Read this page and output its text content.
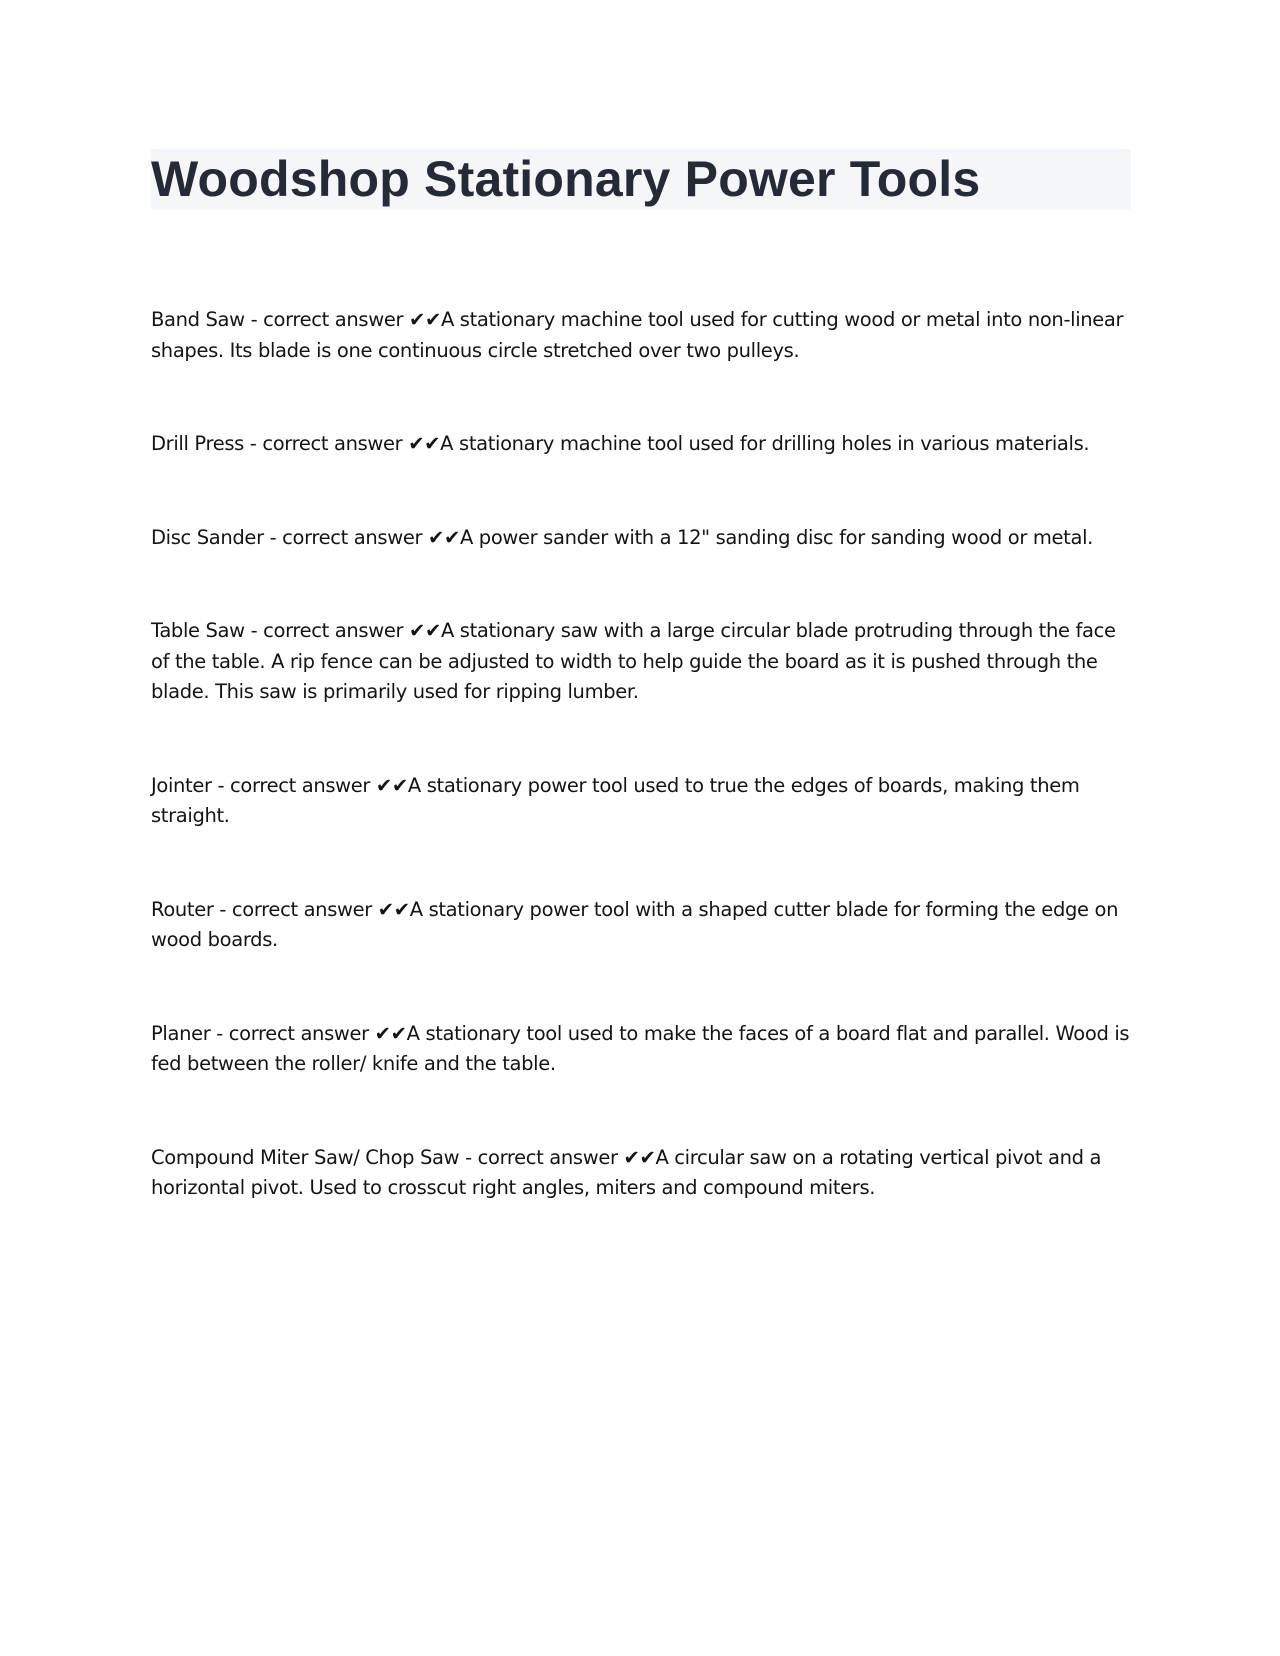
Woodshop Stationary Power Tools

Band Saw - correct answer ✔✔A stationary machine tool used for cutting wood or metal into non-linear shapes. Its blade is one continuous circle stretched over two pulleys.

Drill Press - correct answer ✔✔A stationary machine tool used for drilling holes in various materials.

Disc Sander - correct answer ✔✔A power sander with a 12" sanding disc for sanding wood or metal.

Table Saw - correct answer ✔✔A stationary saw with a large circular blade protruding through the face of the table. A rip fence can be adjusted to width to help guide the board as it is pushed through the blade. This saw is primarily used for ripping lumber.

Jointer - correct answer ✔✔A stationary power tool used to true the edges of boards, making them straight.

Router - correct answer ✔✔A stationary power tool with a shaped cutter blade for forming the edge on wood boards.

Planer - correct answer ✔✔A stationary tool used to make the faces of a board flat and parallel. Wood is fed between the roller/ knife and the table.

Compound Miter Saw/ Chop Saw - correct answer ✔✔A circular saw on a rotating vertical pivot and a horizontal pivot. Used to crosscut right angles, miters and compound miters.
